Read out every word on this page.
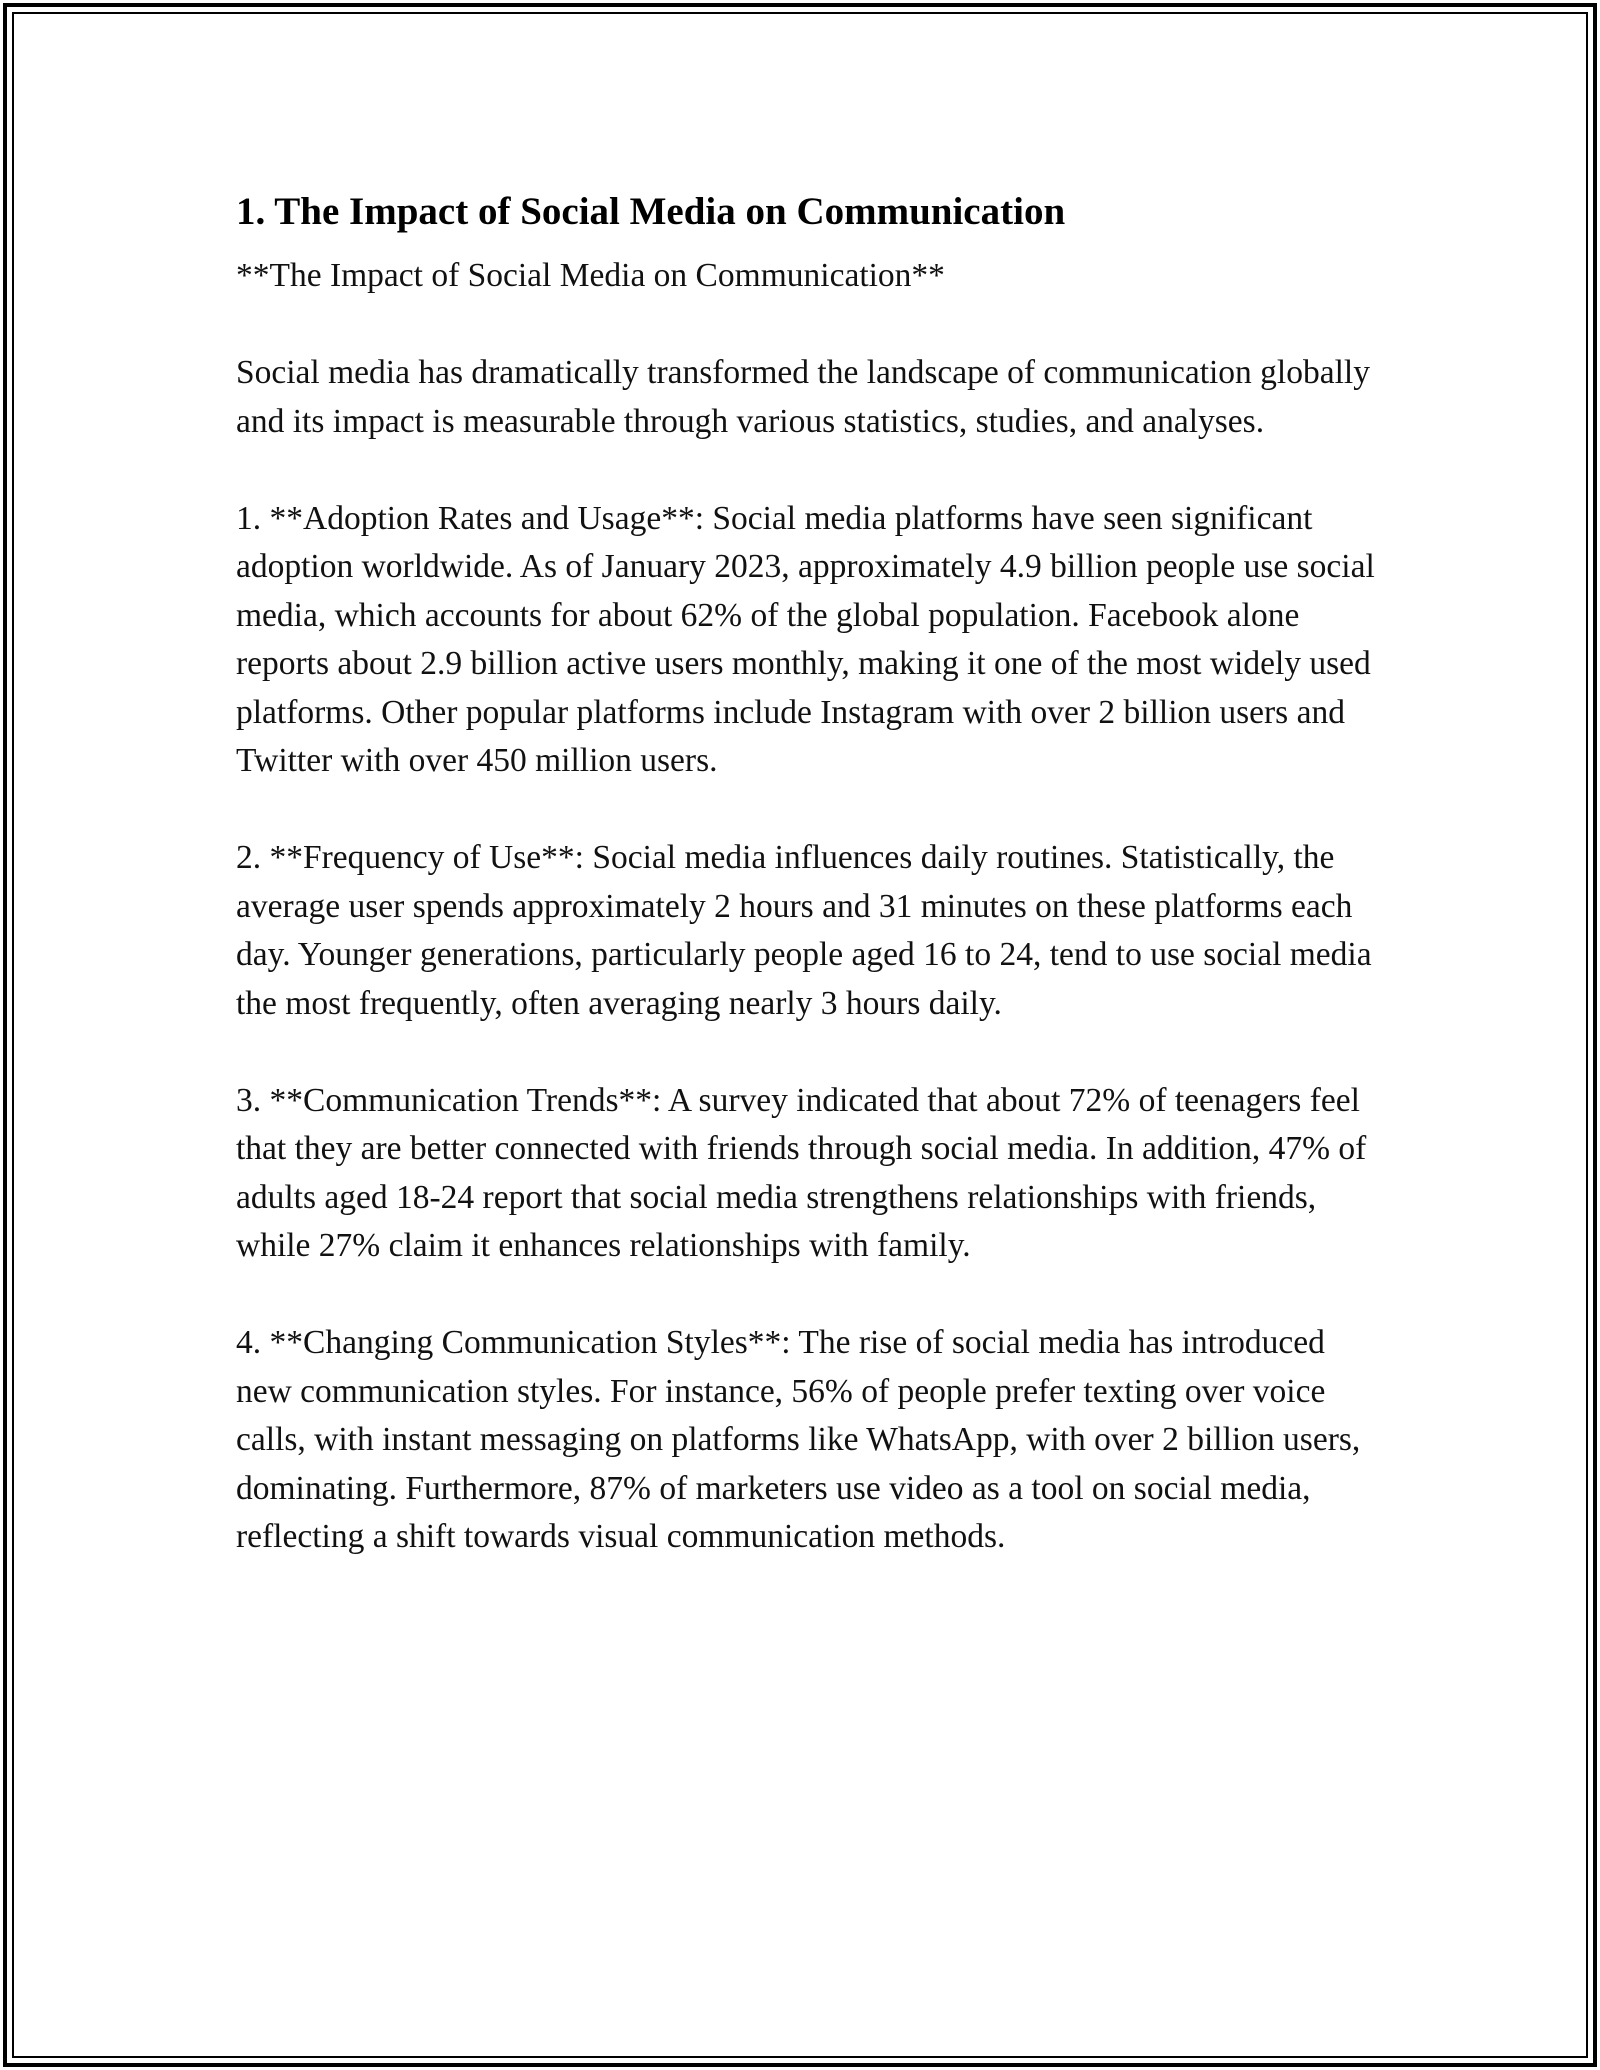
1. The Impact of Social Media on Communication

**The Impact of Social Media on Communication**

Social media has dramatically transformed the landscape of communication globally and its impact is measurable through various statistics, studies, and analyses.

1. **Adoption Rates and Usage**: Social media platforms have seen significant adoption worldwide. As of January 2023, approximately 4.9 billion people use social media, which accounts for about 62% of the global population. Facebook alone reports about 2.9 billion active users monthly, making it one of the most widely used platforms. Other popular platforms include Instagram with over 2 billion users and Twitter with over 450 million users.

2. **Frequency of Use**: Social media influences daily routines. Statistically, the average user spends approximately 2 hours and 31 minutes on these platforms each day. Younger generations, particularly people aged 16 to 24, tend to use social media the most frequently, often averaging nearly 3 hours daily.

3. **Communication Trends**: A survey indicated that about 72% of teenagers feel that they are better connected with friends through social media. In addition, 47% of adults aged 18-24 report that social media strengthens relationships with friends, while 27% claim it enhances relationships with family.

4. **Changing Communication Styles**: The rise of social media has introduced new communication styles. For instance, 56% of people prefer texting over voice calls, with instant messaging on platforms like WhatsApp, with over 2 billion users, dominating. Furthermore, 87% of marketers use video as a tool on social media, reflecting a shift towards visual communication methods.
